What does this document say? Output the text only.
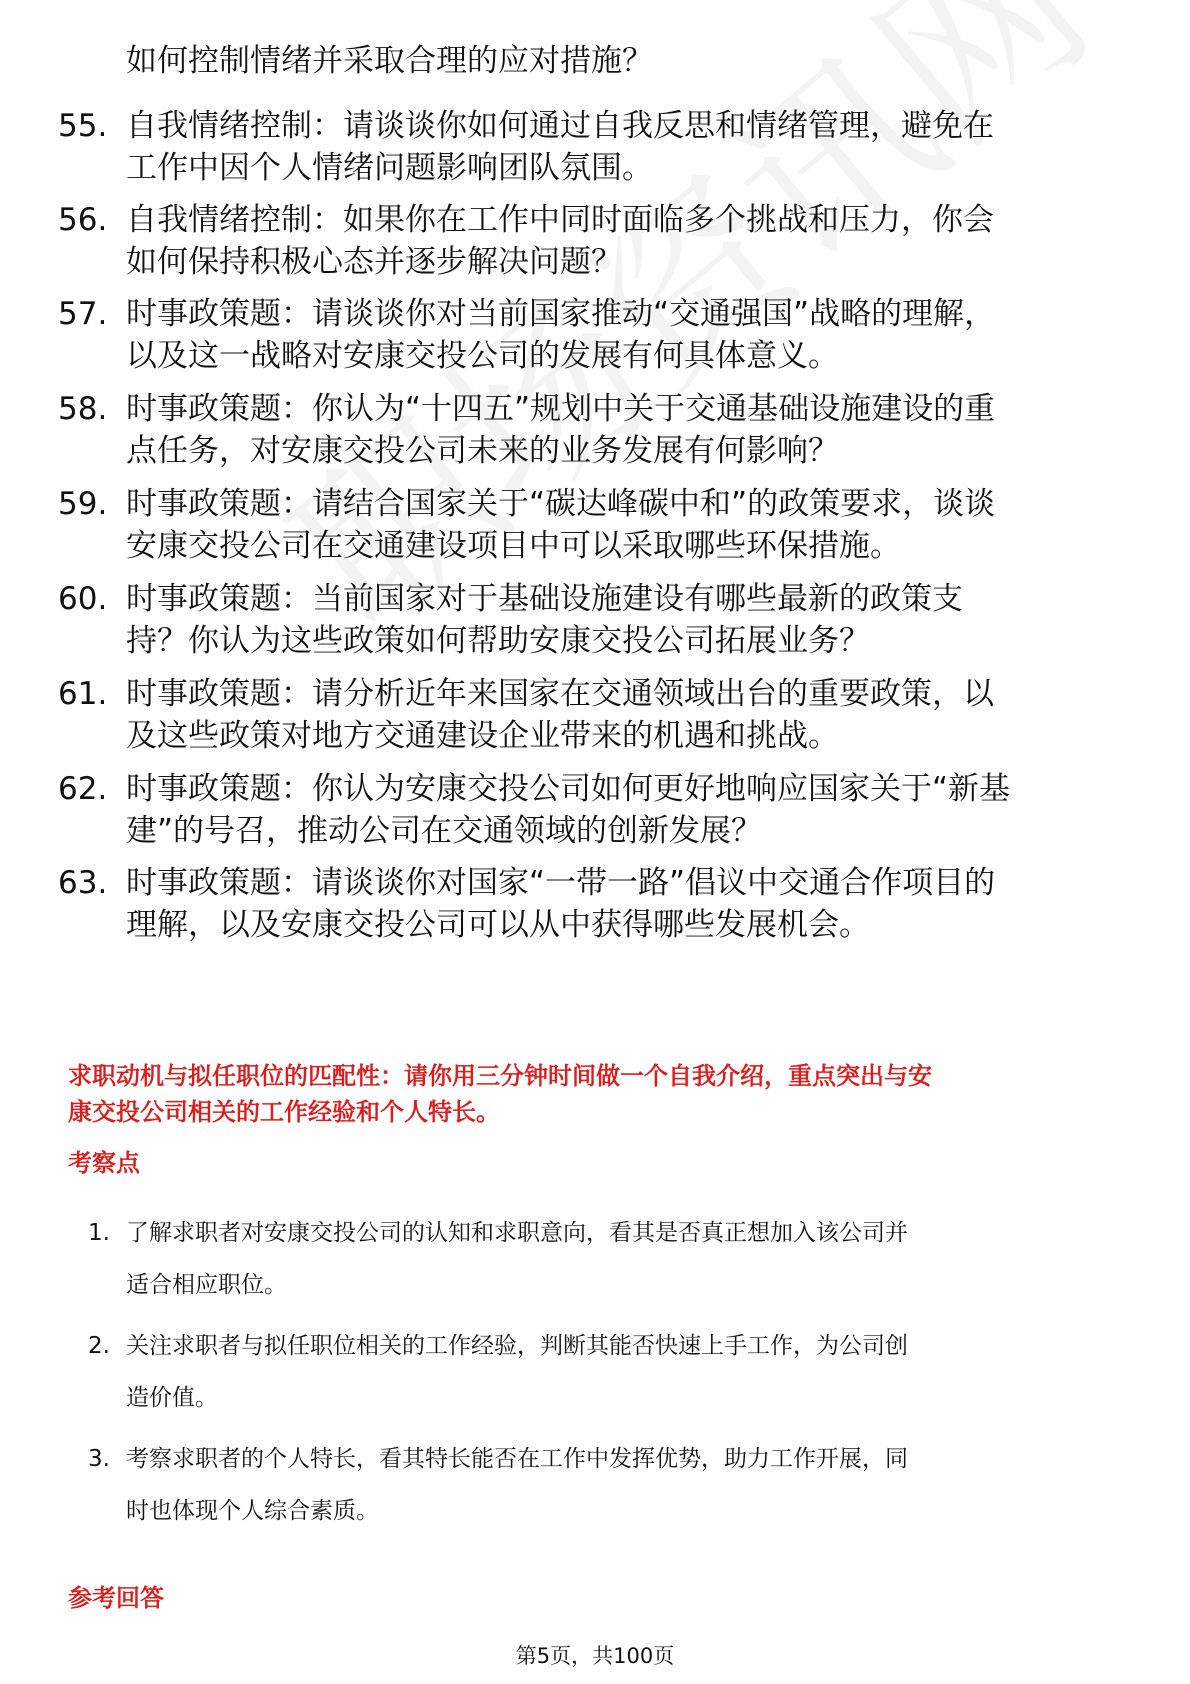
如何控制情绪并采取合理的应对措施？
55. 自我情绪控制：请谈谈你如何通过自我反思和情绪管理，避免在
工作中因个人情绪问题影响团队氛围。
56. 自我情绪控制：如果你在工作中同时面临多个挑战和压力，你会
如何保持积极心态并逐步解决问题？
57. 时事政策题：请谈谈你对当前国家推动“交通强国”战略的理解，
以及这一战略对安康交投公司的发展有何具体意义。
58. 时事政策题：你认为“十四五”规划中关于交通基础设施建设的重
点任务，对安康交投公司未来的业务发展有何影响？
59. 时事政策题：请结合国家关于“碳达峰碳中和”的政策要求，谈谈
安康交投公司在交通建设项目中可以采取哪些环保措施。
60. 时事政策题：当前国家对于基础设施建设有哪些最新的政策支
持？你认为这些政策如何帮助安康交投公司拓展业务？
61. 时事政策题：请分析近年来国家在交通领域出台的重要政策，以
及这些政策对地方交通建设企业带来的机遇和挑战。
62. 时事政策题：你认为安康交投公司如何更好地响应国家关于“新基
建”的号召，推动公司在交通领域的创新发展？
63. 时事政策题：请谈谈你对国家“一带一路”倡议中交通合作项目的
理解，以及安康交投公司可以从中获得哪些发展机会。
求职动机与拟任职位的匹配性：请你用三分钟时间做一个自我介绍，重点突出与安
康交投公司相关的工作经验和个人特长。
考察点
1. 了解求职者对安康交投公司的认知和求职意向，看其是否真正想加入该公司并
适合相应职位。
2. 关注求职者与拟任职位相关的工作经验，判断其能否快速上手工作，为公司创
造价值。
3. 考察求职者的个人特长，看其特长能否在工作中发挥优势，助力工作开展，同
时也体现个人综合素质。
参考回答
第5页，共100页
